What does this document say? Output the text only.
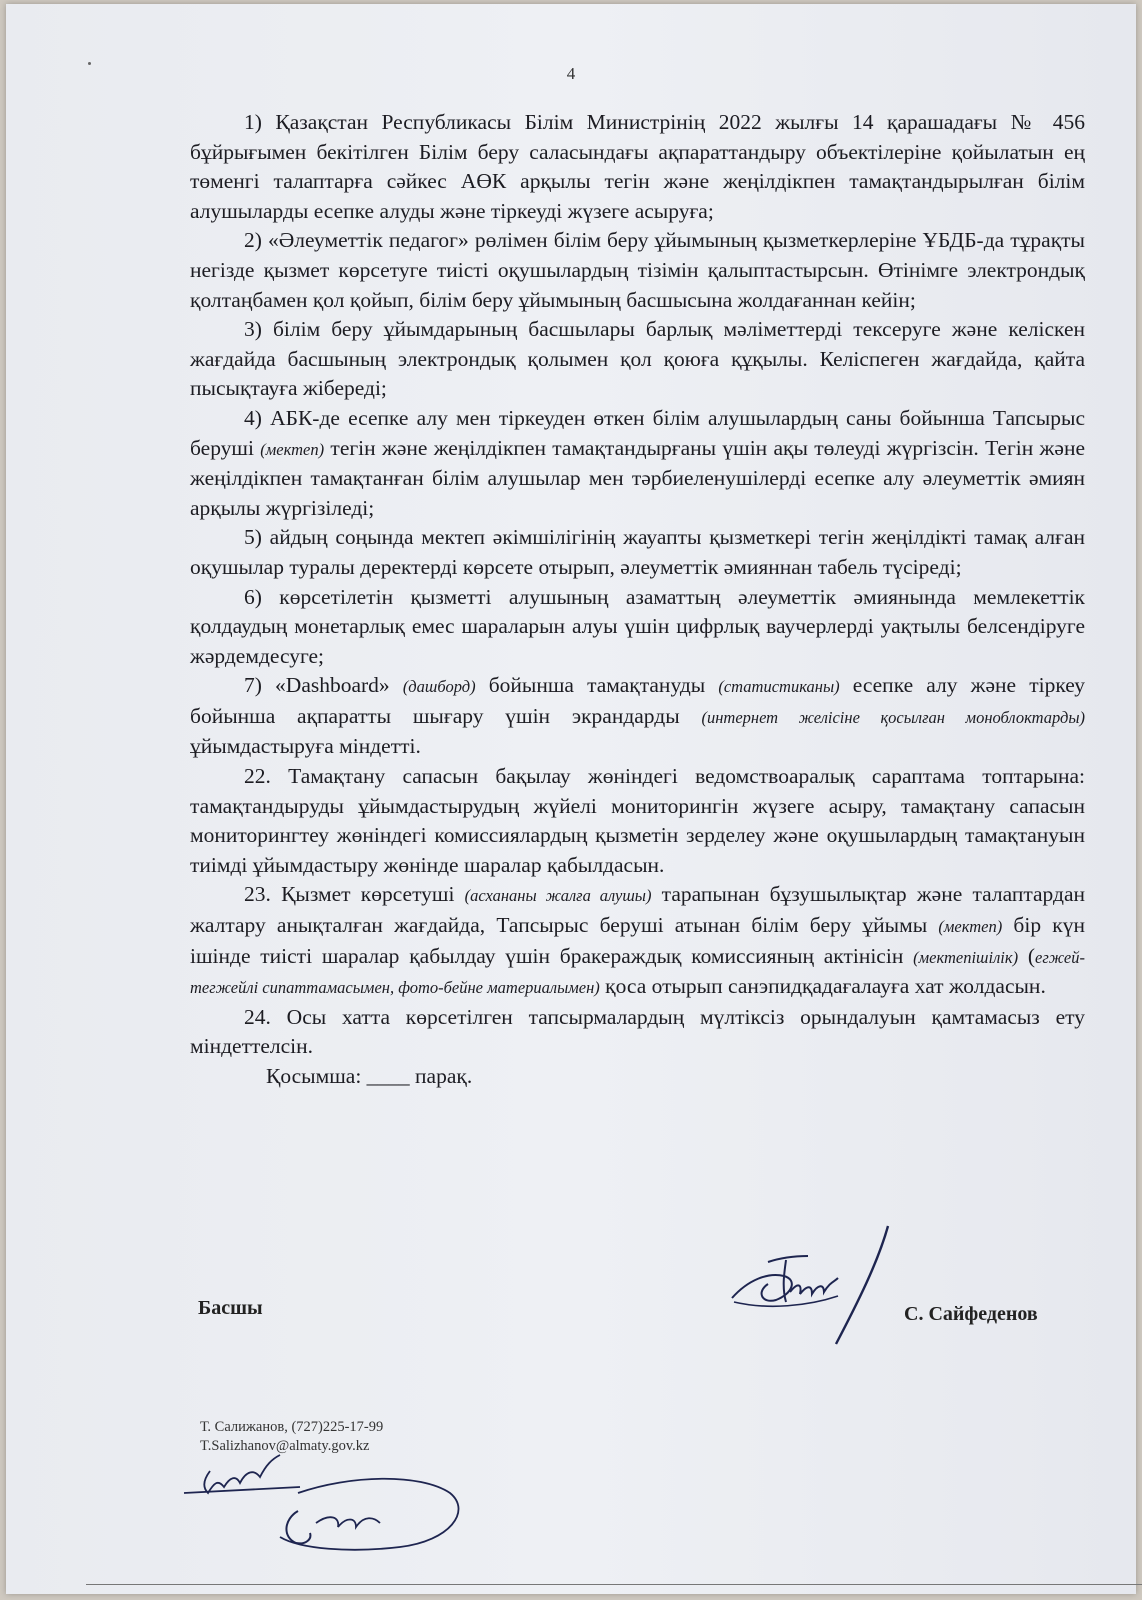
4

1) Қазақстан Республикасы Білім Министрінің 2022 жылғы 14 қарашадағы № 456 бұйрығымен бекітілген Білім беру саласындағы ақпараттандыру объектілеріне қойылатын ең төменгі талаптарға сәйкес АӨК арқылы тегін және жеңілдікпен тамақтандырылған білім алушыларды есепке алуды және тіркеуді жүзеге асыруға;

2) «Әлеуметтік педагог» рөлімен білім беру ұйымының қызметкерлеріне ҰБДБ-да тұрақты негізде қызмет көрсетуге тиісті оқушылардың тізімін қалыптастырсын. Өтінімге электрондық қолтаңбамен қол қойып, білім беру ұйымының басшысына жолдағаннан кейін;

3) білім беру ұйымдарының басшылары барлық мәліметтерді тексеруге және келіскен жағдайда басшының электрондық қолымен қол қоюға құқылы. Келіспеген жағдайда, қайта пысықтауға жібереді;

4) АБК-де есепке алу мен тіркеуден өткен білім алушылардың саны бойынша Тапсырыс беруші (мектеп) тегін және жеңілдікпен тамақтандырғаны үшін ақы төлеуді жүргізсін. Тегін және жеңілдікпен тамақтанған білім алушылар мен тәрбиеленушілерді есепке алу әлеуметтік әмиян арқылы жүргізіледі;

5) айдың соңында мектеп әкімшілігінің жауапты қызметкері тегін жеңілдікті тамақ алған оқушылар туралы деректерді көрсете отырып, әлеуметтік әмияннан табель түсіреді;

6) көрсетілетін қызметті алушының азаматтың әлеуметтік әмиянында мемлекеттік қолдаудың монетарлық емес шараларын алуы үшін цифрлық ваучерлерді уақтылы белсендіруге жәрдемдесуге;

7) «Dashboard» (дашборд) бойынша тамақтануды (статистиканы) есепке алу және тіркеу бойынша ақпаратты шығару үшін экрандарды (интернет желісіне қосылған моноблоктарды) ұйымдастыруға міндетті.

22. Тамақтану сапасын бақылау жөніндегі ведомствоаралық сараптама топтарына: тамақтандыруды ұйымдастырудың жүйелі мониторингін жүзеге асыру, тамақтану сапасын мониторингтеу жөніндегі комиссиялардың қызметін зерделеу және оқушылардың тамақтануын тиімді ұйымдастыру жөнінде шаралар қабылдасын.

23. Қызмет көрсетуші (асхананы жалға алушы) тарапынан бұзушылықтар және талаптардан жалтару анықталған жағдайда, Тапсырыс беруші атынан білім беру ұйымы (мектеп) бір күн ішінде тиісті шаралар қабылдау үшін бракераждық комиссияның актінісін (мектепішілік) (егжей-тегжейлі сипаттамасымен, фото-бейне материалымен) қоса отырып санэпидқадағалауға хат жолдасын.

24. Осы хатта көрсетілген тапсырмалардың мүлтіксіз орындалуын қамтамасыз ету міндеттелсін.

Қосымша: ____ парақ.

Басшы	С. Сайфеденов
Т. Салижанов, (727)225-17-99
T.Salizhanov@almaty.gov.kz
